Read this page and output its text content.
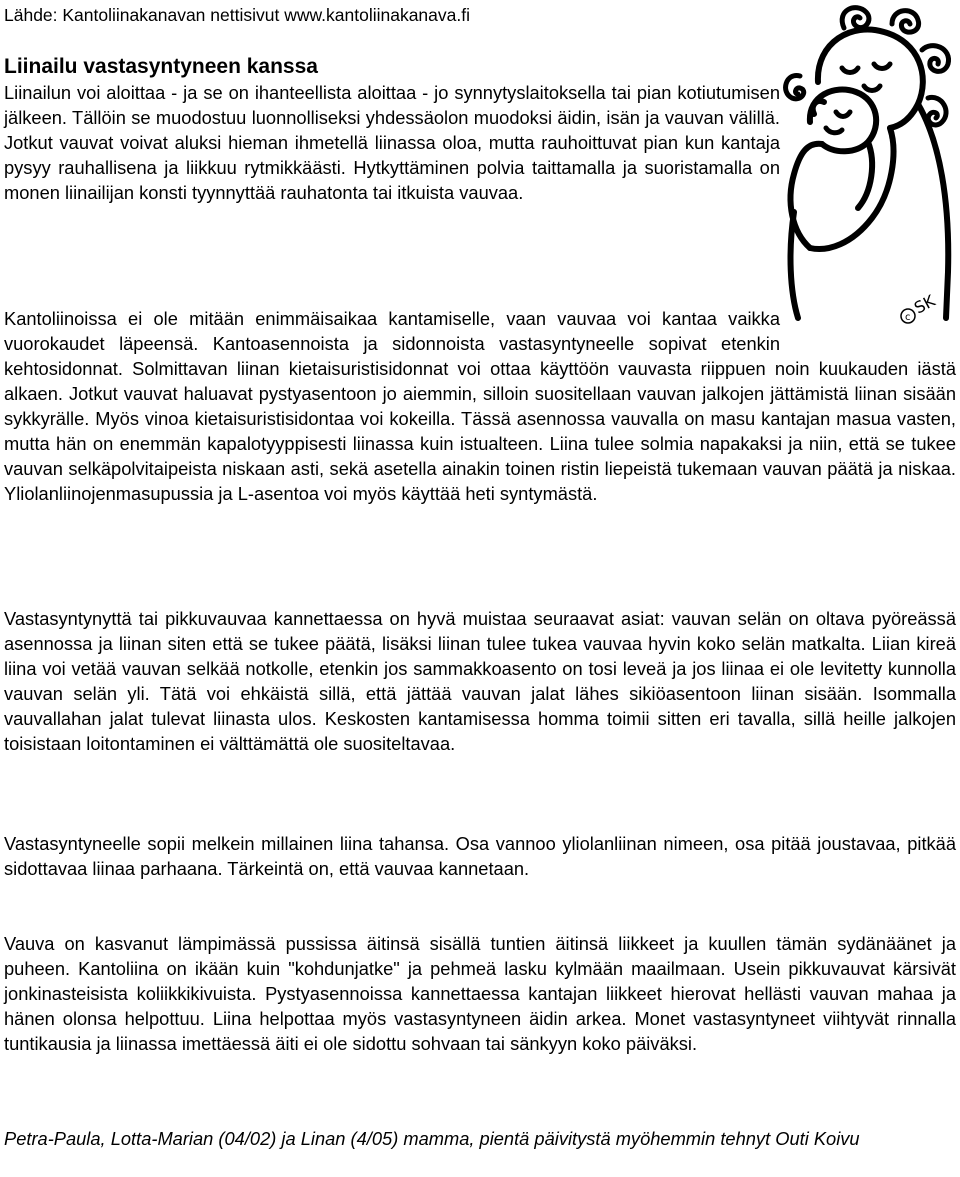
Lähde: Kantoliinakanavan nettisivut www.kantoliinakanava.fi
Liinailu vastasyntyneen kanssa

Liinailun voi aloittaa - ja se on ihanteellista aloittaa - jo synnytyslaitoksella tai pian kotiutumisen jälkeen. Tällöin se muodostuu luonnolliseksi yhdessäolon muodoksi äidin, isän ja vauvan välillä. Jotkut vauvat voivat aluksi hieman ihmetellä liinassa oloa, mutta rauhoittuvat pian kun kantaja pysyy rauhallisena ja liikkuu rytmikkäästi. Hytkyttäminen polvia taittamalla ja suoristamalla on monen liinailijan konsti tyynnyttää rauhatonta tai itkuista vauvaa.

Kantoliinoissa ei ole mitään enimmäisaikaa kantamiselle, vaan vauvaa voi kantaa vaikka vuorokaudet läpeensä. Kantoasennoista ja sidonnoista vastasyntyneelle sopivat etenkin kehtosidonnat. Solmittavan liinan kietaisuristisidonnat voi ottaa käyttöön vauvasta riippuen noin kuukauden iästä alkaen. Jotkut vauvat haluavat pystyasentoon jo aiemmin, silloin suositellaan vauvan jalkojen jättämistä liinan sisään sykkyrälle. Myös vinoa kietaisuristisidontaa voi kokeilla. Tässä asennossa vauvalla on masu kantajan masua vasten, mutta hän on enemmän kapalotyyppisesti liinassa kuin istualteen. Liina tulee solmia napakaksi ja niin, että se tukee vauvan selkäpolvitaipeista niskaan asti, sekä asetella ainakin toinen ristin liepeistä tukemaan vauvan päätä ja niskaa. Yliolanliinojenmasupussia ja L-asentoa voi myös käyttää heti syntymästä.

Vastasyntynyttä tai pikkuvauvaa kannettaessa on hyvä muistaa seuraavat asiat: vauvan selän on oltava pyöreässä asennossa ja liinan siten että se tukee päätä, lisäksi liinan tulee tukea vauvaa hyvin koko selän matkalta. Liian kireä liina voi vetää vauvan selkää notkolle, etenkin jos sammakkoasento on tosi leveä ja jos liinaa ei ole levitetty kunnolla vauvan selän yli. Tätä voi ehkäistä sillä, että jättää vauvan jalat lähes sikiöasentoon liinan sisään. Isommalla vauvallahan jalat tulevat liinasta ulos. Keskosten kantamisessa homma toimii sitten eri tavalla, sillä heille jalkojen toisistaan loitontaminen ei välttämättä ole suositeltavaa.

Vastasyntyneelle sopii melkein millainen liina tahansa. Osa vannoo yliolanliinan nimeen, osa pitää joustavaa, pitkää sidottavaa liinaa parhaana. Tärkeintä on, että vauvaa kannetaan.

Vauva on kasvanut lämpimässä pussissa äitinsä sisällä tuntien äitinsä liikkeet ja kuullen tämän sydänäänet ja puheen. Kantoliina on ikään kuin "kohdunjatke" ja pehmeä lasku kylmään maailmaan. Usein pikkuvauvat kärsivät jonkinasteisista koliikkikivuista. Pystyasennoissa kannettaessa kantajan liikkeet hierovat hellästi vauvan mahaa ja hänen olonsa helpottuu. Liina helpottaa myös vastasyntyneen äidin arkea. Monet vastasyntyneet viihtyvät rinnalla tuntikausia ja liinassa imettäessä äiti ei ole sidottu sohvaan tai sänkyyn koko päiväksi.

Petra-Paula, Lotta-Marian (04/02) ja Linan (4/05) mamma, pientä päivitystä myöhemmin tehnyt Outi Koivu

c SK
